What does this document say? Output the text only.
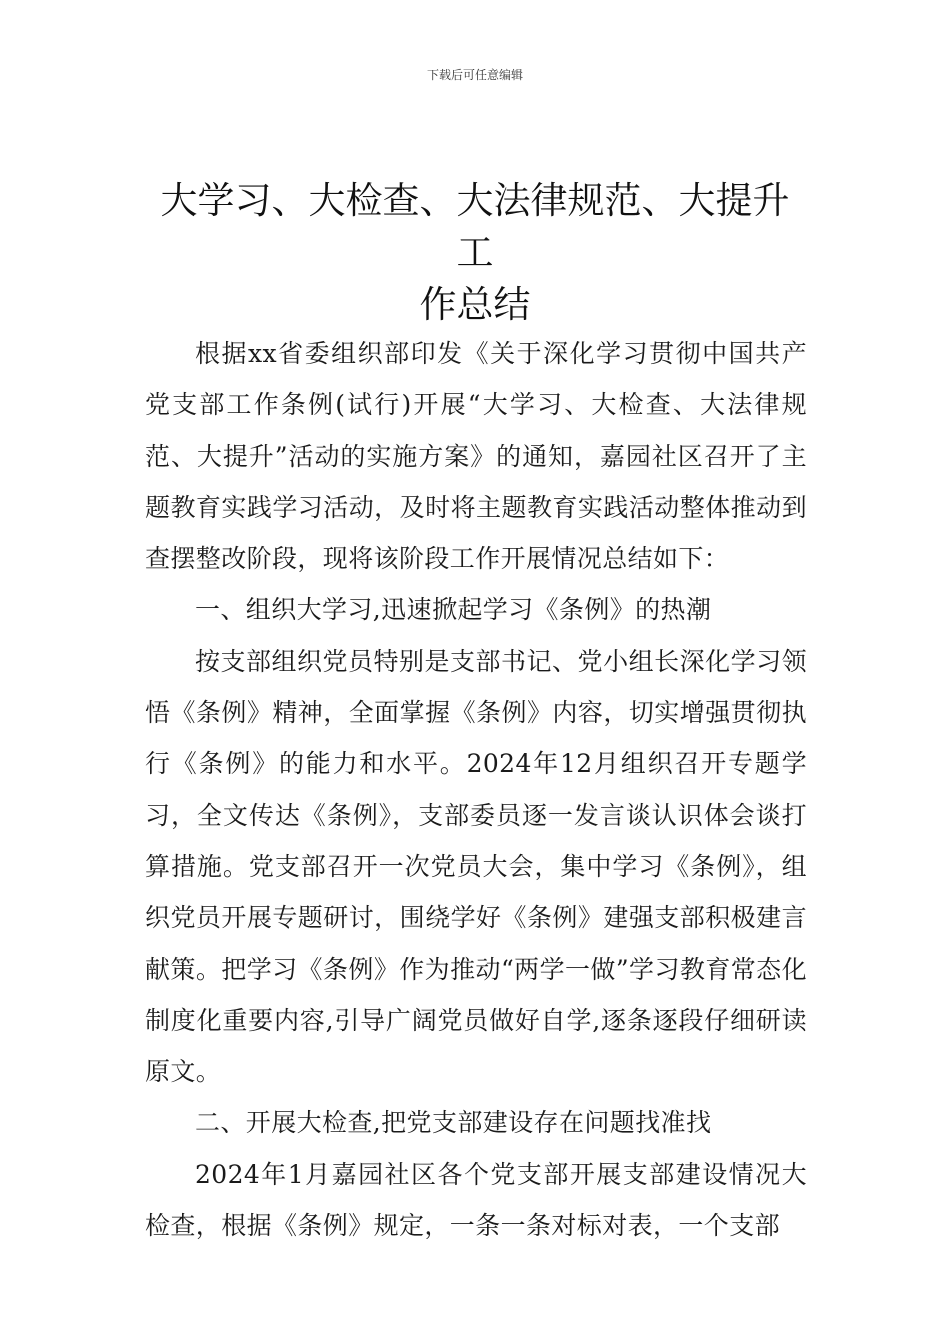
下载后可任意编辑
大学习、大检查、大法律规范、大提升工
作总结

根据xx省委组织部印发《关于深化学习贯彻中国共产党支部工作条例(试行)开展“大学习、大检查、大法律规范、大提升”活动的实施方案》的通知，嘉园社区召开了主题教育实践学习活动，及时将主题教育实践活动整体推动到查摆整改阶段，现将该阶段工作开展情况总结如下：

一、组织大学习,迅速掀起学习《条例》的热潮

按支部组织党员特别是支部书记、党小组长深化学习领悟《条例》精神，全面掌握《条例》内容，切实增强贯彻执行《条例》的能力和水平。2024年12月组织召开专题学习，全文传达《条例》，支部委员逐一发言谈认识体会谈打算措施。党支部召开一次党员大会，集中学习《条例》，组织党员开展专题研讨，围绕学好《条例》建强支部积极建言献策。把学习《条例》作为推动“两学一做”学习教育常态化制度化重要内容,引导广阔党员做好自学,逐条逐段仔细研读原文。

二、开展大检查,把党支部建设存在问题找准找

2024年1月嘉园社区各个党支部开展支部建设情况大检查，根据《条例》规定，一条一条对标对表，一个支部
